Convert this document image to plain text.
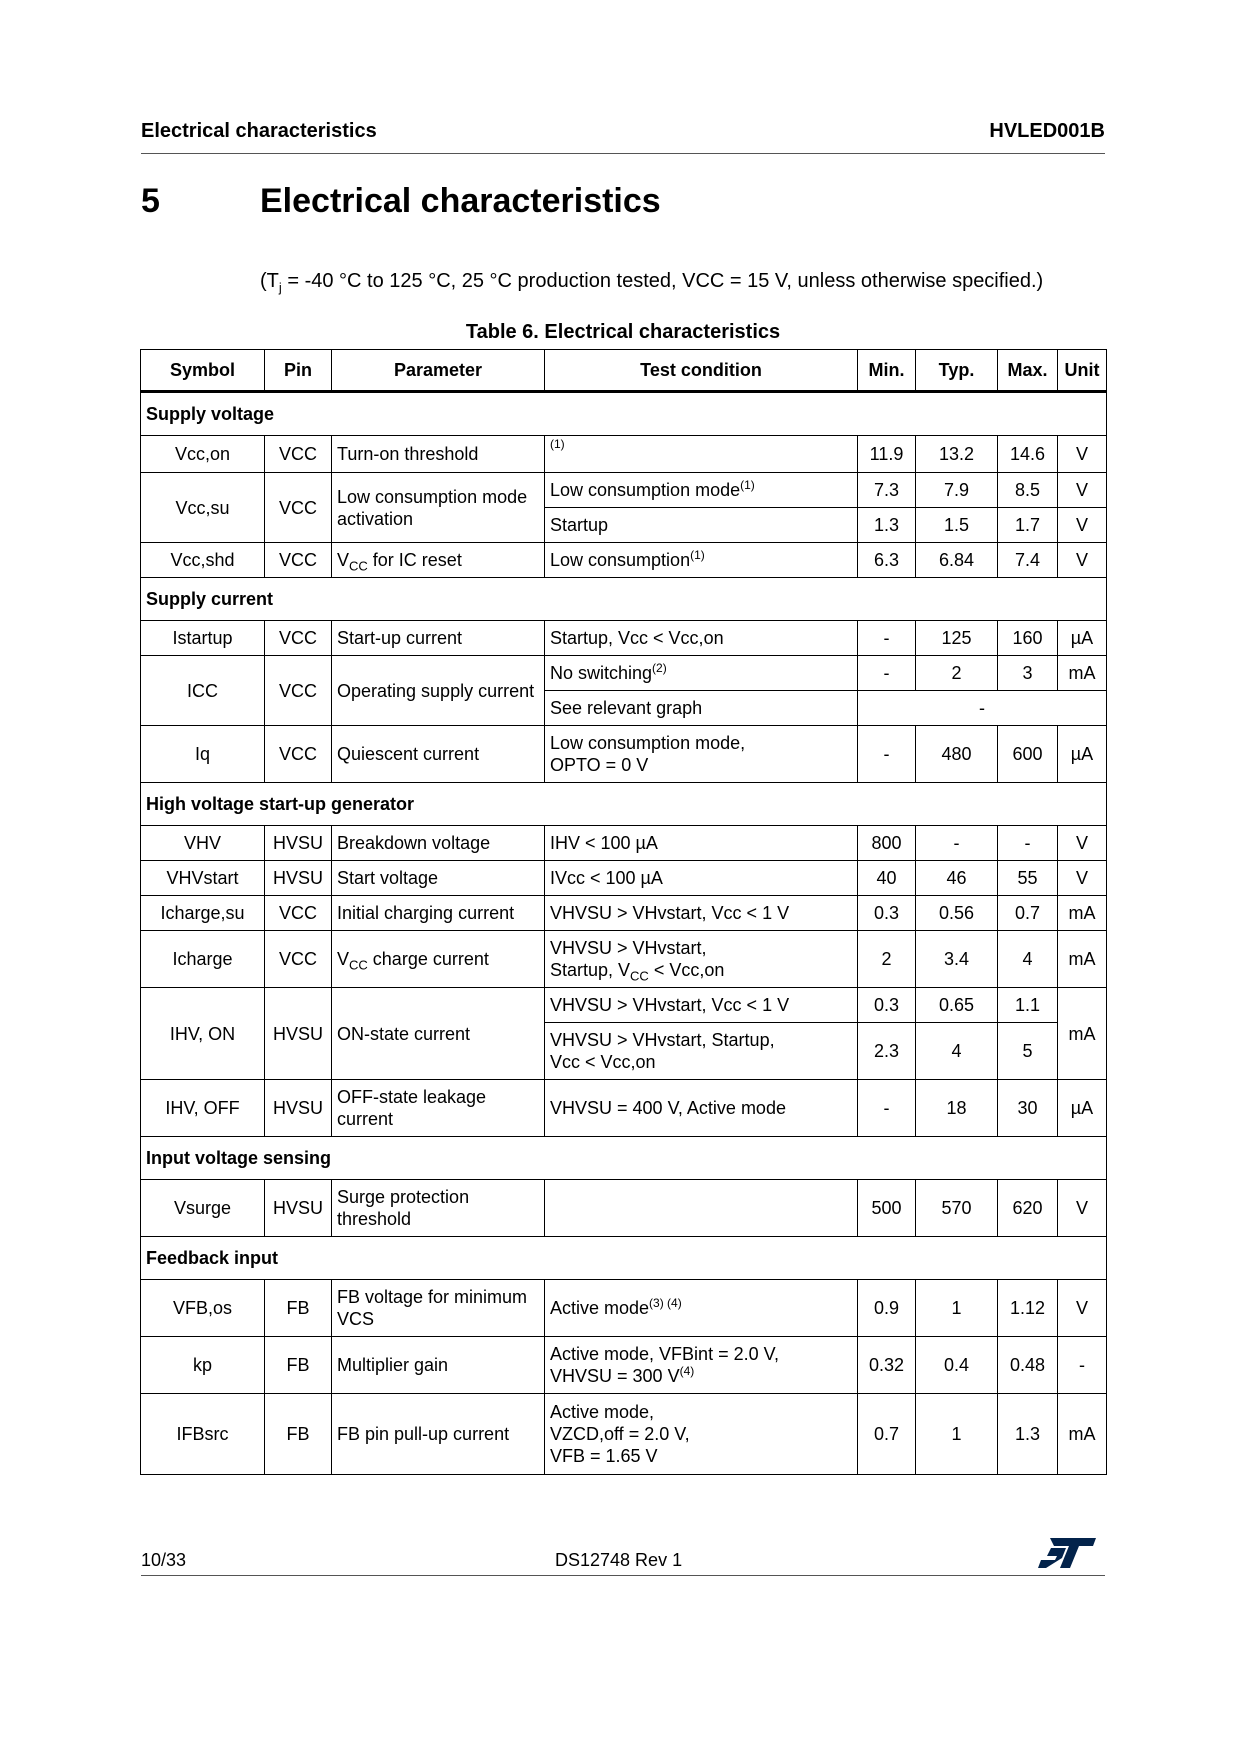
Electrical characteristics	HVLED001B
5	Electrical characteristics
($T_j = -40$ °C to 125 °C, 25 °C production tested, VCC = 15 V, unless otherwise specified.)
Table 6. Electrical characteristics
Symbol	Pin	Parameter	Test condition	Min.	Typ.	Max.	Unit
Supply voltage							
Vcc,on	VCC	Turn-on threshold	$^{(1)}$	11.9	13.2	14.6	V
Vcc,su	VCC	Low consumption mode activation	Low consumption mode$^{(1)}$	7.3	7.9	8.5	V
			Startup	1.3	1.5	1.7	V
Vcc,shd	VCC	$V_{CC}$ for IC reset	Low consumption$^{(1)}$	6.3	6.84	7.4	V
Supply current							
Istartup	VCC	Start-up current	Startup, Vcc < Vcc,on	-	125	160	µA
ICC	VCC	Operating supply current	No switching$^{(2)}$	-	2	3	mA
			See relevant graph	-			
Iq	VCC	Quiescent current	Low consumption mode,
OPTO = 0 V	-	480	600	µA
High voltage start-up generator							
VHV	HVSU	Breakdown voltage	IHV < 100 µA	800	-	-	V
VHVstart	HVSU	Start voltage	IVcc < 100 µA	40	46	55	V
Icharge,su	VCC	Initial charging current	VHVSU > VHvstart, Vcc < 1 V	0.3	0.56	0.7	mA
Icharge	VCC	$V_{CC}$ charge current	VHVSU > VHvstart,
Startup, $V_{CC} < Vcc,on$	2	3.4	4	mA
IHV, ON	HVSU	ON-state current	VHVSU > VHvstart, Vcc < 1 V	0.3	0.65	1.1	mA

			VHVSU > VHvstart, Startup,
Vcc < Vcc,on	2.3	4	5	
IHV, OFF	HVSU	OFF-state leakage current	VHVSU = 400 V, Active mode	-	18	30	µA
Input voltage sensing							
Vsurge	HVSU	Surge protection threshold		500	570	620	V
Feedback input							
VFB,os	FB	FB voltage for minimum VCS	Active mode$^{(3) (4)}$	0.9	1	1.12	V
kp	FB	Multiplier gain	Active mode, VFBint = 2.0 V,
VHVSU = 300 $V^{(4)}$	0.32	0.4	0.48	-
IFBsrc	FB	FB pin pull-up current	Active mode,
VZCD,off = 2.0 V,
VFB = 1.65 V	0.7	1	1.3	mA
10/33	DS12748 Rev 1
